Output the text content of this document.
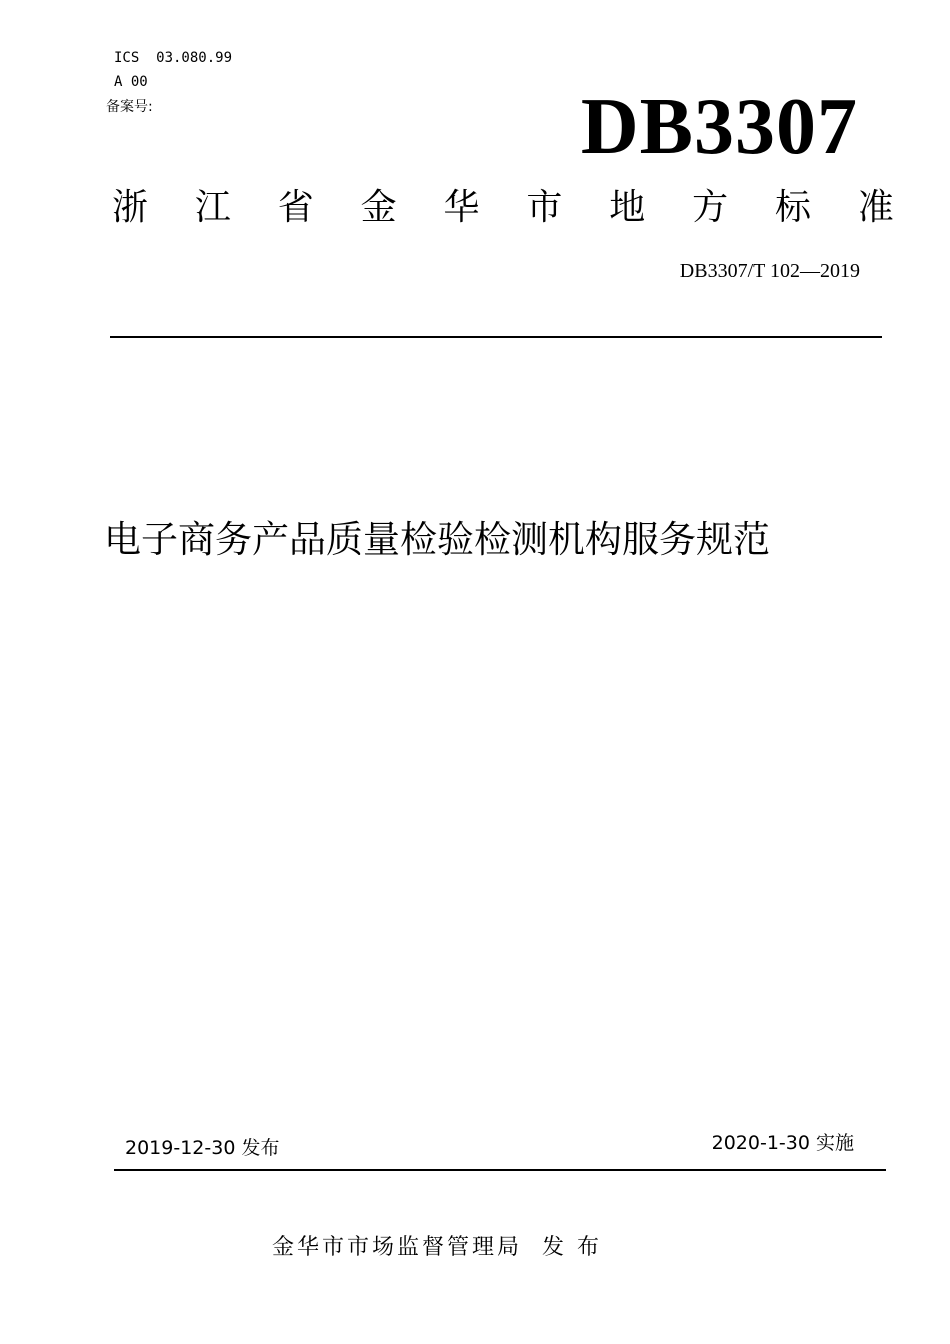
ICS  03.080.99
A 00
备案号:	DB3307
浙 江 省 金 华 市 地 方 标 准
DB3307/T 102—2019
电子商务产品质量检验检测机构服务规范
2019-12-30 发布	2020-1-30 实施
金华市市场监督管理局 发 布
